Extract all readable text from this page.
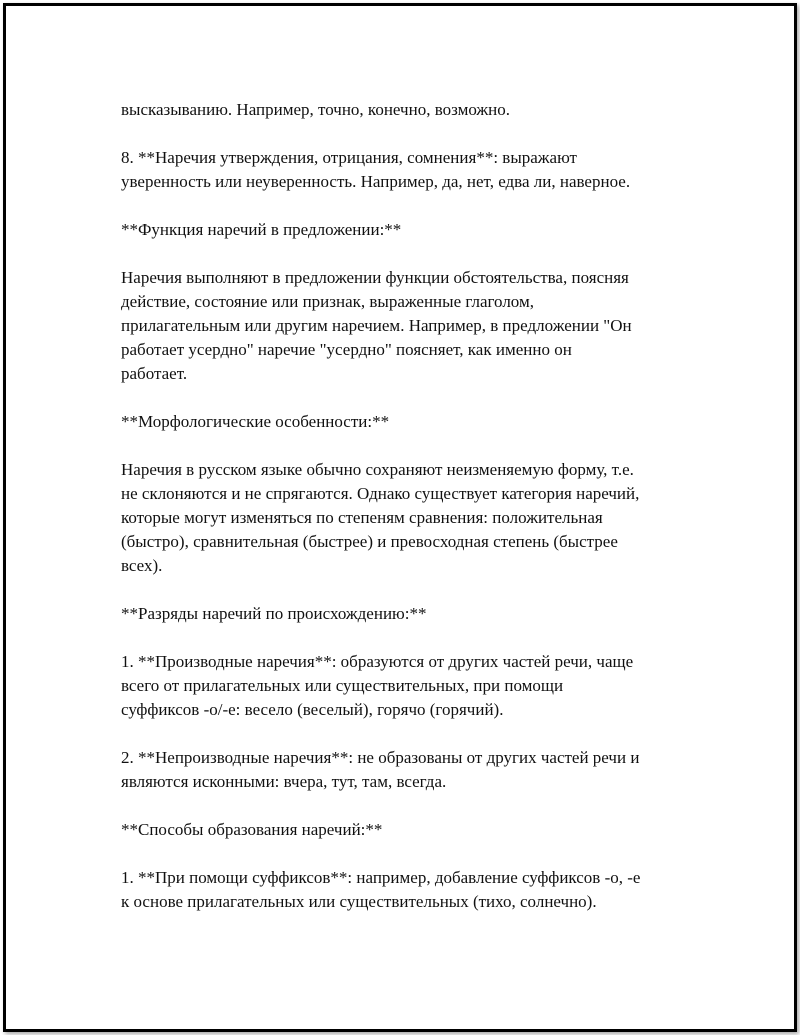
высказыванию. Например, точно, конечно, возможно.

8. **Наречия утверждения, отрицания, сомнения**: выражают
уверенность или неуверенность. Например, да, нет, едва ли, наверное.

**Функция наречий в предложении:**

Наречия выполняют в предложении функции обстоятельства, поясняя
действие, состояние или признак, выраженные глаголом,
прилагательным или другим наречием. Например, в предложении "Он
работает усердно" наречие "усердно" поясняет, как именно он
работает.

**Морфологические особенности:**

Наречия в русском языке обычно сохраняют неизменяемую форму, т.е.
не склоняются и не спрягаются. Однако существует категория наречий,
которые могут изменяться по степеням сравнения: положительная
(быстро), сравнительная (быстрее) и превосходная степень (быстрее
всех).

**Разряды наречий по происхождению:**

1. **Производные наречия**: образуются от других частей речи, чаще
всего от прилагательных или существительных, при помощи
суффиксов -о/-е: весело (веселый), горячо (горячий).

2. **Непроизводные наречия**: не образованы от других частей речи и
являются исконными: вчера, тут, там, всегда.

**Способы образования наречий:**

1. **При помощи суффиксов**: например, добавление суффиксов -о, -е
к основе прилагательных или существительных (тихо, солнечно).
